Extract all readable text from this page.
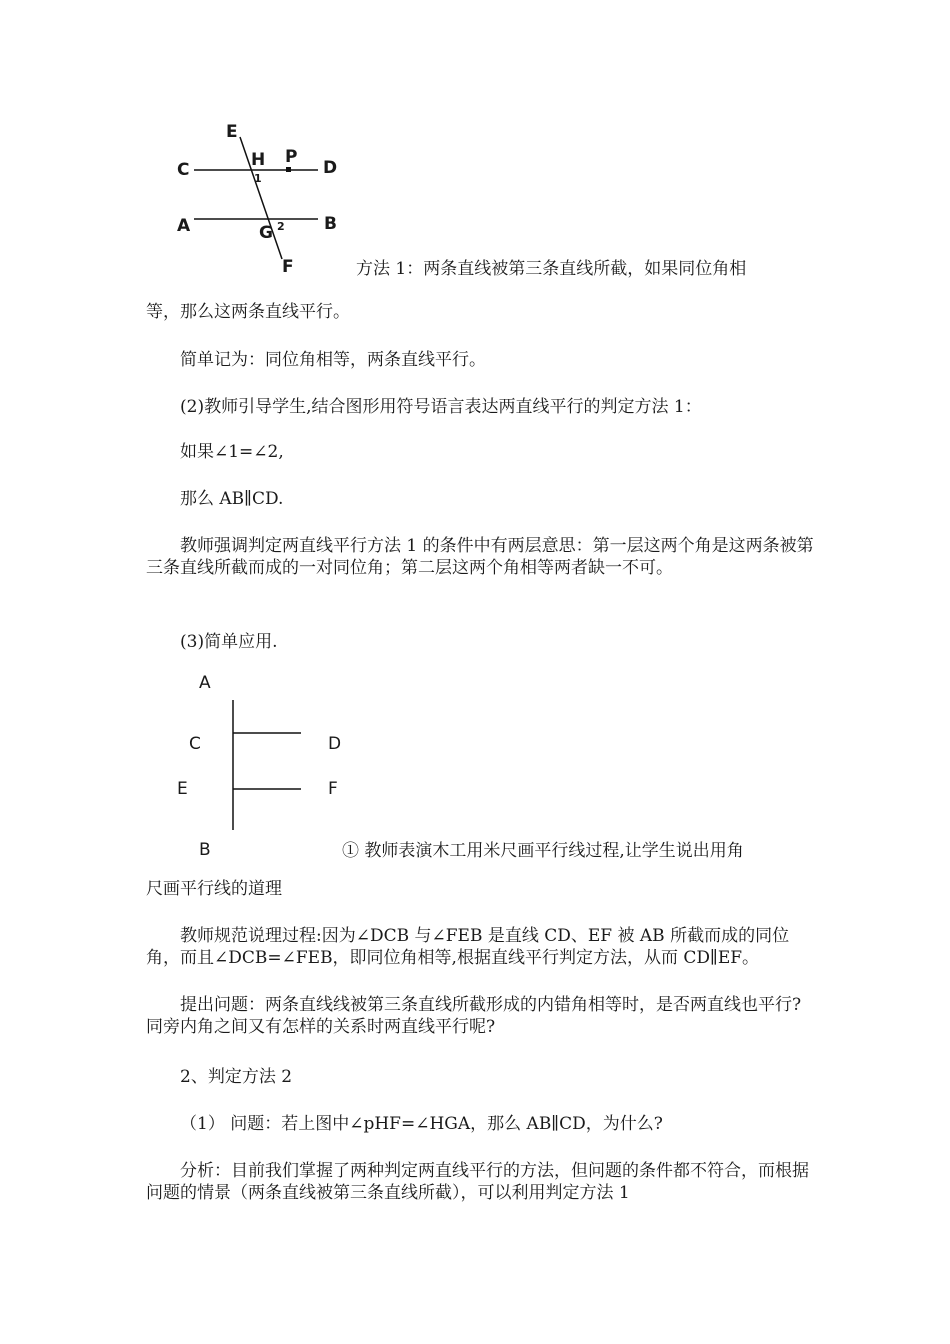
E
H P
C	D
1
A	B
G 2
F	方法 1：两条直线被第三条直线所截，如果同位角相
等，那么这两条直线平行。
简单记为：同位角相等，两条直线平行。
(2)教师引导学生,结合图形用符号语言表达两直线平行的判定方法 1：
如果∠1=∠2,
那么 AB∥CD.
教师强调判定两直线平行方法 1 的条件中有两层意思：第一层这两个角是这两条被第三条直线所截而成的一对同位角；第二层这两个角相等两者缺一不可。
(3)简单应用.
A
C	D
E	F
B	① 教师表演木工用米尺画平行线过程,让学生说出用角
尺画平行线的道理
教师规范说理过程:因为∠DCB 与∠FEB 是直线 CD、EF 被 AB 所截而成的同位角，而且∠DCB=∠FEB，即同位角相等,根据直线平行判定方法，从而 CD∥EF。
提出问题：两条直线线被第三条直线所截形成的内错角相等时，是否两直线也平行?同旁内角之间又有怎样的关系时两直线平行呢?
2、判定方法 2
（1） 问题：若上图中∠pHF=∠HGA，那么 AB∥CD，为什么?
分析：目前我们掌握了两种判定两直线平行的方法，但问题的条件都不符合，而根据问题的情景（两条直线被第三条直线所截），可以利用判定方法 1
